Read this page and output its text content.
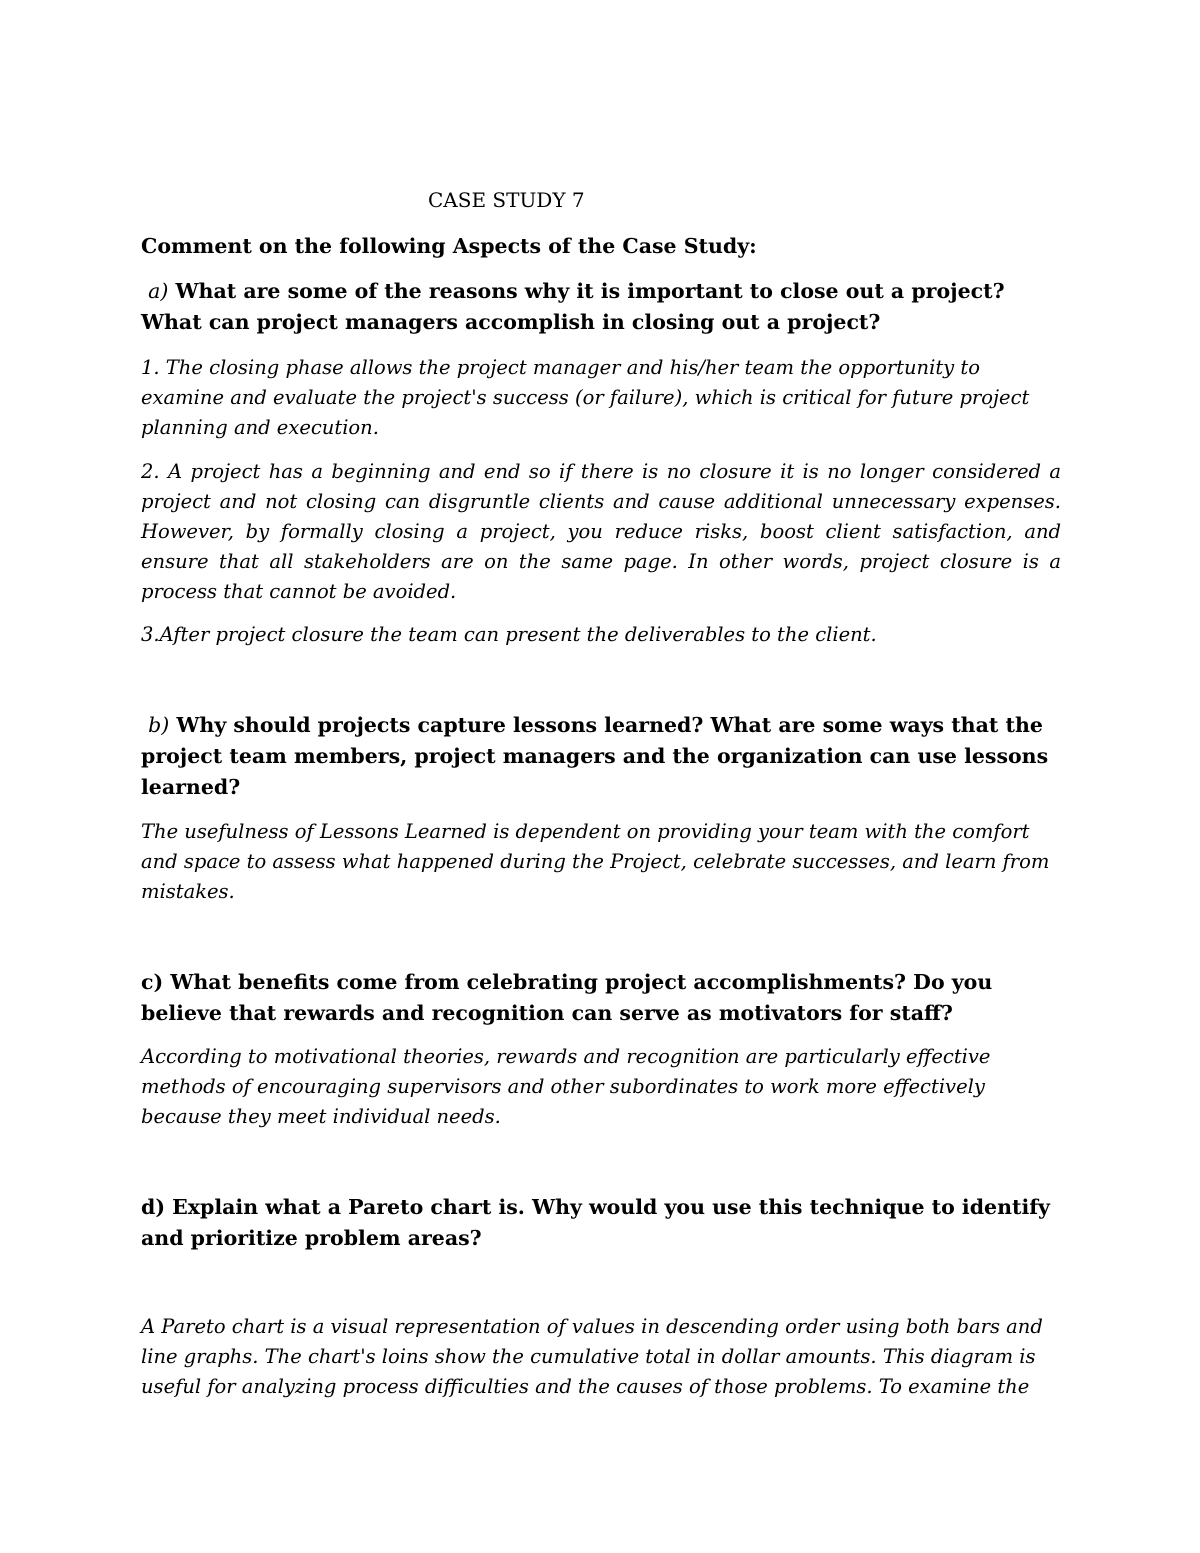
CASE STUDY 7
Comment on the following Aspects of the Case Study:
a) What are some of the reasons why it is important to close out a project? What can project managers accomplish in closing out a project?
1. The closing phase allows the project manager and his/her team the opportunity to examine and evaluate the project's success (or failure), which is critical for future project planning and execution.
2. A project has a beginning and end so if there is no closure it is no longer considered a project and not closing can disgruntle clients and cause additional unnecessary expenses. However, by formally closing a project, you reduce risks, boost client satisfaction, and ensure that all stakeholders are on the same page. In other words, project closure is a process that cannot be avoided.
3.After project closure the team can present the deliverables to the client.
b) Why should projects capture lessons learned? What are some ways that the project team members, project managers and the organization can use lessons learned?
The usefulness of Lessons Learned is dependent on providing your team with the comfort and space to assess what happened during the Project, celebrate successes, and learn from mistakes.
c) What benefits come from celebrating project accomplishments? Do you believe that rewards and recognition can serve as motivators for staff?
According to motivational theories, rewards and recognition are particularly effective methods of encouraging supervisors and other subordinates to work more effectively because they meet individual needs.
d) Explain what a Pareto chart is. Why would you use this technique to identify and prioritize problem areas?
A Pareto chart is a visual representation of values in descending order using both bars and line graphs. The chart's loins show the cumulative total in dollar amounts. This diagram is useful for analyzing process difficulties and the causes of those problems. To examine the
